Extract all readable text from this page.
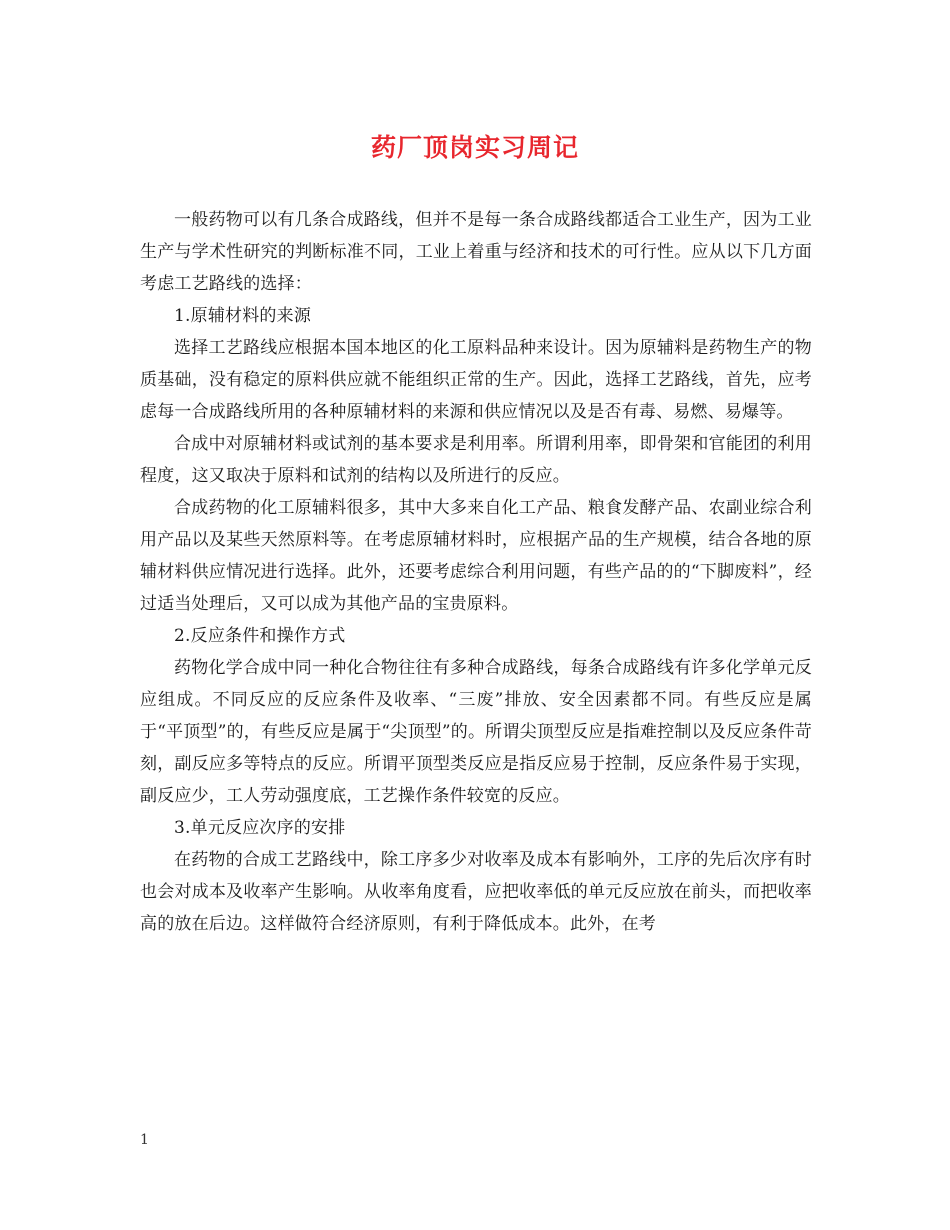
药厂顶岗实习周记

一般药物可以有几条合成路线，但并不是每一条合成路线都适合工业生产，因为工业生产与学术性研究的判断标准不同，工业上着重与经济和技术的可行性。应从以下几方面考虑工艺路线的选择：

1.原辅材料的来源

选择工艺路线应根据本国本地区的化工原料品种来设计。因为原辅料是药物生产的物质基础，没有稳定的原料供应就不能组织正常的生产。因此，选择工艺路线，首先，应考虑每一合成路线所用的各种原辅材料的来源和供应情况以及是否有毒、易燃、易爆等。

合成中对原辅材料或试剂的基本要求是利用率。所谓利用率，即骨架和官能团的利用程度，这又取决于原料和试剂的结构以及所进行的反应。

合成药物的化工原辅料很多，其中大多来自化工产品、粮食发酵产品、农副业综合利用产品以及某些天然原料等。在考虑原辅材料时，应根据产品的生产规模，结合各地的原辅材料供应情况进行选择。此外，还要考虑综合利用问题，有些产品的的“下脚废料”，经过适当处理后，又可以成为其他产品的宝贵原料。

2.反应条件和操作方式

药物化学合成中同一种化合物往往有多种合成路线，每条合成路线有许多化学单元反应组成。不同反应的反应条件及收率、“三废”排放、安全因素都不同。有些反应是属于“平顶型”的，有些反应是属于“尖顶型”的。所谓尖顶型反应是指难控制以及反应条件苛刻，副反应多等特点的反应。所谓平顶型类反应是指反应易于控制，反应条件易于实现，副反应少，工人劳动强度底，工艺操作条件较宽的反应。

3.单元反应次序的安排

在药物的合成工艺路线中，除工序多少对收率及成本有影响外，工序的先后次序有时也会对成本及收率产生影响。从收率角度看，应把收率低的单元反应放在前头，而把收率高的放在后边。这样做符合经济原则，有利于降低成本。此外，在考

1
